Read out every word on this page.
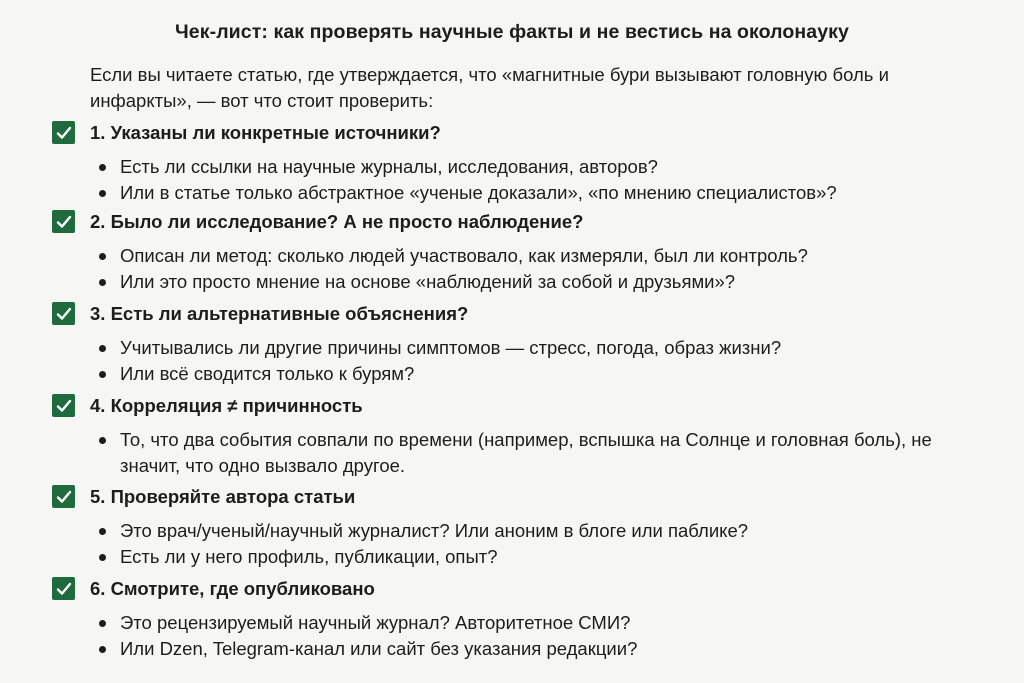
Чек-лист: как проверять научные факты и не вестись на околонауку
Если вы читаете статью, где утверждается, что «магнитные бури вызывают головную боль и инфаркты», — вот что стоит проверить:
1. Указаны ли конкретные источники?
Есть ли ссылки на научные журналы, исследования, авторов?
Или в статье только абстрактное «ученые доказали», «по мнению специалистов»?
2. Было ли исследование? А не просто наблюдение?
Описан ли метод: сколько людей участвовало, как измеряли, был ли контроль?
Или это просто мнение на основе «наблюдений за собой и друзьями»?
3. Есть ли альтернативные объяснения?
Учитывались ли другие причины симптомов — стресс, погода, образ жизни?
Или всё сводится только к бурям?
4. Корреляция ≠ причинность
То, что два события совпали по времени (например, вспышка на Солнце и головная боль), не значит, что одно вызвало другое.
5. Проверяйте автора статьи
Это врач/ученый/научный журналист? Или аноним в блоге или паблике?
Есть ли у него профиль, публикации, опыт?
6. Смотрите, где опубликовано
Это рецензируемый научный журнал? Авторитетное СМИ?
Или Dzen, Telegram-канал или сайт без указания редакции?
